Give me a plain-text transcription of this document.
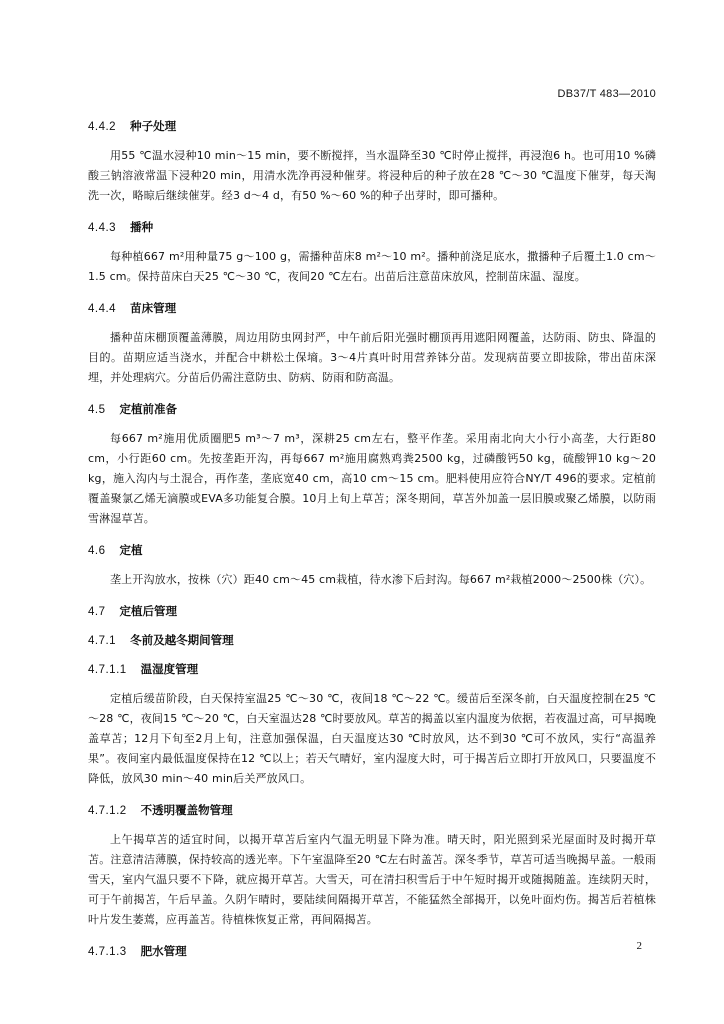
DB37/T 483—2010
4.4.2 种子处理
用55 ℃温水浸种10 min～15 min，要不断搅拌，当水温降至30 ℃时停止搅拌，再浸泡6 h。也可用10 %磷酸三钠溶液常温下浸种20 min，用清水洗净再浸种催芽。将浸种后的种子放在28 ℃～30 ℃温度下催芽，每天淘洗一次，略晾后继续催芽。经3 d～4 d，有50 %～60 %的种子出芽时，即可播种。
4.4.3 播种
每种植667 m²用种量75 g～100 g，需播种苗床8 m²～10 m²。播种前浇足底水，撒播种子后覆土1.0 cm～1.5 cm。保持苗床白天25 ℃～30 ℃，夜间20 ℃左右。出苗后注意苗床放风，控制苗床温、湿度。
4.4.4 苗床管理
播种苗床棚顶覆盖薄膜，周边用防虫网封严，中午前后阳光强时棚顶再用遮阳网覆盖，达防雨、防虫、降温的目的。苗期应适当浇水，并配合中耕松土保墒。3～4片真叶时用营养钵分苗。发现病苗要立即拔除，带出苗床深埋，并处理病穴。分苗后仍需注意防虫、防病、防雨和防高温。
4.5 定植前准备
每667 m²施用优质圈肥5 m³～7 m³，深耕25 cm左右，整平作垄。采用南北向大小行小高垄，大行距80 cm，小行距60 cm。先按垄距开沟，再每667 m²施用腐熟鸡粪2500 kg，过磷酸钙50 kg，硫酸钾10 kg～20 kg，施入沟内与土混合，再作垄，垄底宽40 cm，高10 cm～15 cm。肥料使用应符合NY/T 496的要求。定植前覆盖聚氯乙烯无滴膜或EVA多功能复合膜。10月上旬上草苫；深冬期间，草苫外加盖一层旧膜或聚乙烯膜，以防雨雪淋湿草苫。
4.6 定植
垄上开沟放水，按株（穴）距40 cm～45 cm栽植，待水渗下后封沟。每667 m²栽植2000～2500株（穴）。
4.7 定植后管理
4.7.1 冬前及越冬期间管理
4.7.1.1 温湿度管理
定植后缓苗阶段，白天保持室温25 ℃～30 ℃，夜间18 ℃～22 ℃。缓苗后至深冬前，白天温度控制在25 ℃～28 ℃，夜间15 ℃～20 ℃，白天室温达28 ℃时要放风。草苫的揭盖以室内温度为依据，若夜温过高，可早揭晚盖草苫；12月下旬至2月上旬，注意加强保温，白天温度达30 ℃时放风，达不到30 ℃可不放风，实行“高温养果”。夜间室内最低温度保持在12 ℃以上；若天气晴好，室内湿度大时，可于揭苫后立即打开放风口，只要温度不降低，放风30 min～40 min后关严放风口。
4.7.1.2 不透明覆盖物管理
上午揭草苫的适宜时间，以揭开草苫后室内气温无明显下降为准。晴天时，阳光照到采光屋面时及时揭开草苫。注意清洁薄膜，保持较高的透光率。下午室温降至20 ℃左右时盖苫。深冬季节，草苫可适当晚揭早盖。一般雨雪天，室内气温只要不下降，就应揭开草苫。大雪天，可在清扫积雪后于中午短时揭开或随揭随盖。连续阴天时，可于午前揭苫，午后早盖。久阴乍晴时，要陆续间隔揭开草苫，不能猛然全部揭开，以免叶面灼伤。揭苫后若植株叶片发生萎蔫，应再盖苫。待植株恢复正常，再间隔揭苫。
4.7.1.3 肥水管理	2
